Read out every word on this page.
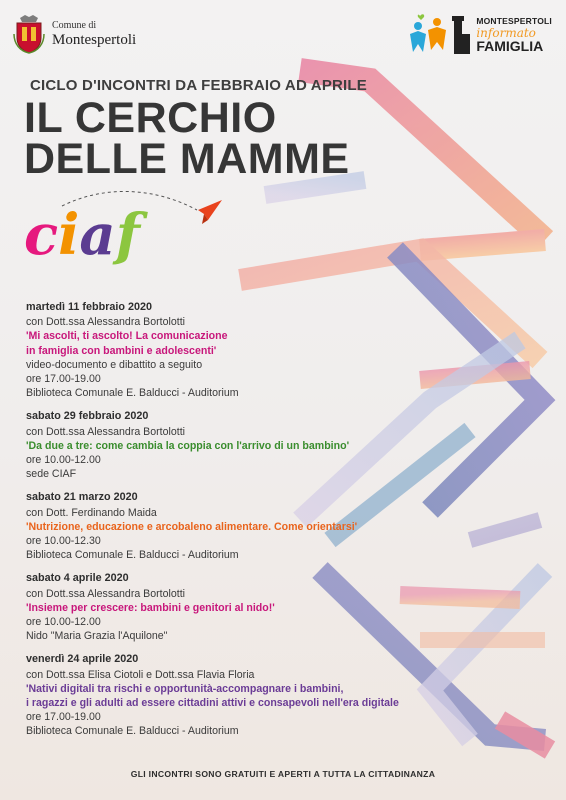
Comune di
Montespertoli
MONTESPERTOLI
informato
FAMIGLIA
CICLO D'INCONTRI DA FEBBRAIO AD APRILE
IL CERCHIO
DELLE MAMME
ciaf
martedì 11 febbraio 2020
con Dott.ssa Alessandra Bortolotti
'Mi ascolti, ti ascolto! La comunicazione
in famiglia con bambini e adolescenti'
video-documento e dibattito a seguito
ore 17.00-19.00
Biblioteca Comunale E. Balducci - Auditorium
sabato 29 febbraio 2020
con Dott.ssa Alessandra Bortolotti
'Da due a tre: come cambia la coppia con l'arrivo di un bambino'
ore 10.00-12.00
sede CIAF
sabato 21 marzo 2020
con Dott. Ferdinando Maida
'Nutrizione, educazione e arcobaleno alimentare. Come orientarsi'
ore 10.00-12.30
Biblioteca Comunale E. Balducci - Auditorium
sabato 4 aprile 2020
con Dott.ssa Alessandra Bortolotti
'Insieme per crescere: bambini e genitori al nido!'
ore 10.00-12.00
Nido "Maria Grazia l'Aquilone"
venerdì 24 aprile 2020
con Dott.ssa Elisa Ciotoli e Dott.ssa Flavia Floria
'Nativi digitali tra rischi e opportunità-accompagnare i bambini,
i ragazzi e gli adulti ad essere cittadini attivi e consapevoli nell'era digitale
ore 17.00-19.00
Biblioteca Comunale E. Balducci - Auditorium
GLI INCONTRI SONO GRATUITI E APERTI A TUTTA LA CITTADINANZA
